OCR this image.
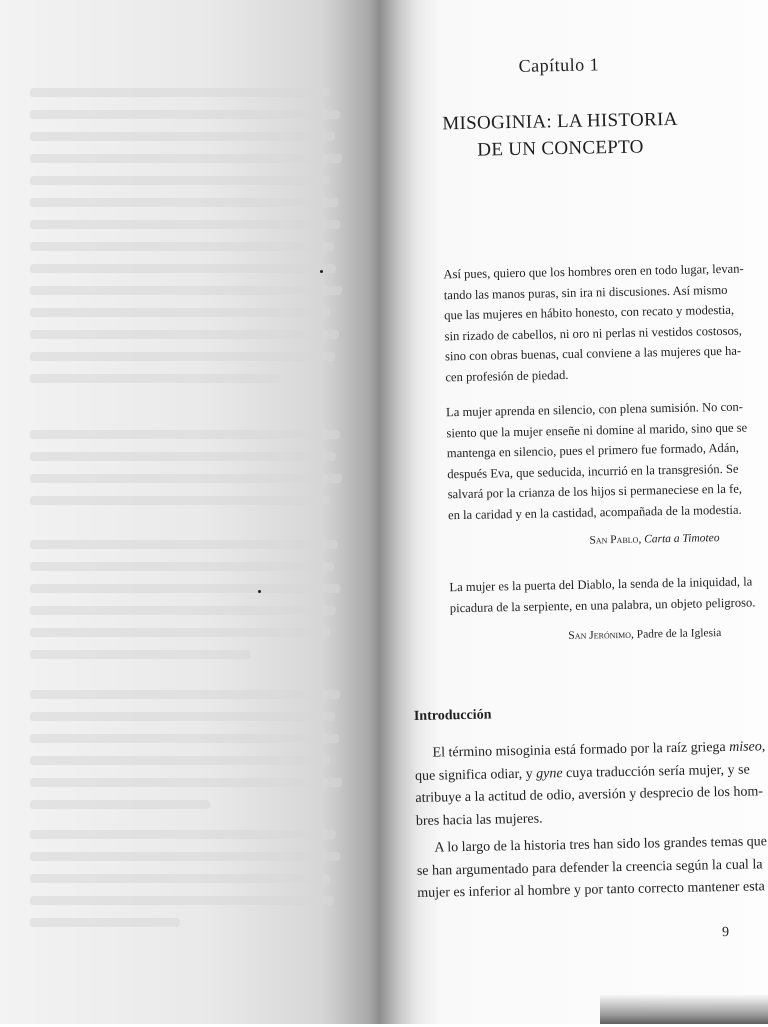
Capítulo 1
MISOGINIA: LA HISTORIA
DE UN CONCEPTO
Así pues, quiero que los hombres oren en todo lugar, levan-
tando las manos puras, sin ira ni discusiones. Así mismo
que las mujeres en hábito honesto, con recato y modestia,
sin rizado de cabellos, ni oro ni perlas ni vestidos costosos,
sino con obras buenas, cual conviene a las mujeres que ha-
cen profesión de piedad.
La mujer aprenda en silencio, con plena sumisión. No con-
siento que la mujer enseñe ni domine al marido, sino que se
mantenga en silencio, pues el primero fue formado, Adán,
después Eva, que seducida, incurrió en la transgresión. Se
salvará por la crianza de los hijos si permaneciese en la fe,
en la caridad y en la castidad, acompañada de la modestia.
San Pablo, Carta a Timoteo
La mujer es la puerta del Diablo, la senda de la iniquidad, la
picadura de la serpiente, en una palabra, un objeto peligroso.
San Jerónimo, Padre de la Iglesia
Introducción
El término misoginia está formado por la raíz griega miseo,
que significa odiar, y gyne cuya traducción sería mujer, y se
atribuye a la actitud de odio, aversión y desprecio de los hom-
bres hacia las mujeres.
A lo largo de la historia tres han sido los grandes temas que
se han argumentado para defender la creencia según la cual la
mujer es inferior al hombre y por tanto correcto mantener esta
9
